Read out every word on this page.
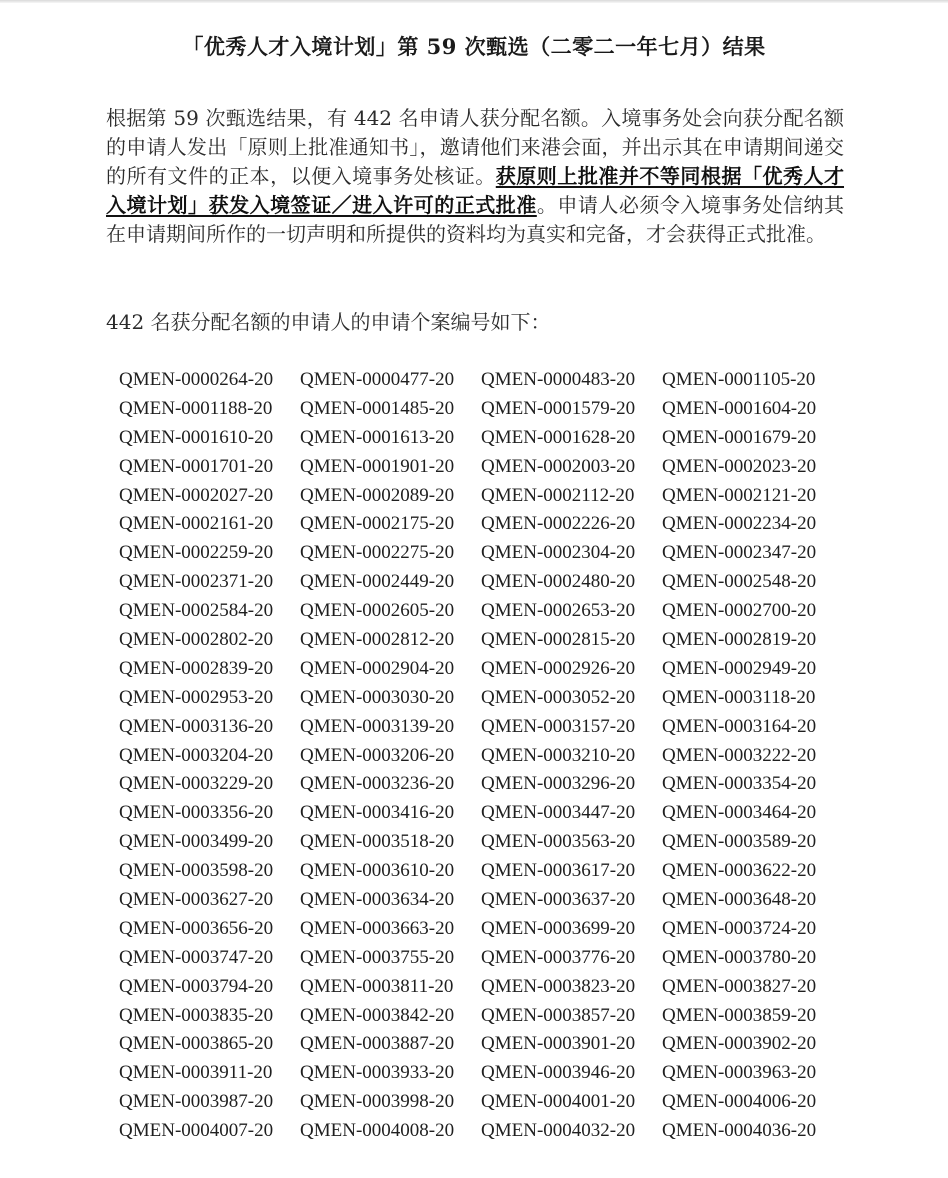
「优秀人才入境计划」第 59 次甄选（二零二一年七月）结果
根据第 59 次甄选结果，有 442 名申请人获分配名额。入境事务处会向获分配名额的申请人发出「原则上批准通知书」，邀请他们来港会面，并出示其在申请期间递交的所有文件的正本，以便入境事务处核证。获原则上批准并不等同根据「优秀人才入境计划」获发入境签证／进入许可的正式批准。申请人必须令入境事务处信纳其在申请期间所作的一切声明和所提供的资料均为真实和完备，才会获得正式批准。
442 名获分配名额的申请人的申请个案编号如下：
QMEN-0000264-20	QMEN-0000477-20	QMEN-0000483-20	QMEN-0001105-20
QMEN-0001188-20	QMEN-0001485-20	QMEN-0001579-20	QMEN-0001604-20
QMEN-0001610-20	QMEN-0001613-20	QMEN-0001628-20	QMEN-0001679-20
QMEN-0001701-20	QMEN-0001901-20	QMEN-0002003-20	QMEN-0002023-20
QMEN-0002027-20	QMEN-0002089-20	QMEN-0002112-20	QMEN-0002121-20
QMEN-0002161-20	QMEN-0002175-20	QMEN-0002226-20	QMEN-0002234-20
QMEN-0002259-20	QMEN-0002275-20	QMEN-0002304-20	QMEN-0002347-20
QMEN-0002371-20	QMEN-0002449-20	QMEN-0002480-20	QMEN-0002548-20
QMEN-0002584-20	QMEN-0002605-20	QMEN-0002653-20	QMEN-0002700-20
QMEN-0002802-20	QMEN-0002812-20	QMEN-0002815-20	QMEN-0002819-20
QMEN-0002839-20	QMEN-0002904-20	QMEN-0002926-20	QMEN-0002949-20
QMEN-0002953-20	QMEN-0003030-20	QMEN-0003052-20	QMEN-0003118-20
QMEN-0003136-20	QMEN-0003139-20	QMEN-0003157-20	QMEN-0003164-20
QMEN-0003204-20	QMEN-0003206-20	QMEN-0003210-20	QMEN-0003222-20
QMEN-0003229-20	QMEN-0003236-20	QMEN-0003296-20	QMEN-0003354-20
QMEN-0003356-20	QMEN-0003416-20	QMEN-0003447-20	QMEN-0003464-20
QMEN-0003499-20	QMEN-0003518-20	QMEN-0003563-20	QMEN-0003589-20
QMEN-0003598-20	QMEN-0003610-20	QMEN-0003617-20	QMEN-0003622-20
QMEN-0003627-20	QMEN-0003634-20	QMEN-0003637-20	QMEN-0003648-20
QMEN-0003656-20	QMEN-0003663-20	QMEN-0003699-20	QMEN-0003724-20
QMEN-0003747-20	QMEN-0003755-20	QMEN-0003776-20	QMEN-0003780-20
QMEN-0003794-20	QMEN-0003811-20	QMEN-0003823-20	QMEN-0003827-20
QMEN-0003835-20	QMEN-0003842-20	QMEN-0003857-20	QMEN-0003859-20
QMEN-0003865-20	QMEN-0003887-20	QMEN-0003901-20	QMEN-0003902-20
QMEN-0003911-20	QMEN-0003933-20	QMEN-0003946-20	QMEN-0003963-20
QMEN-0003987-20	QMEN-0003998-20	QMEN-0004001-20	QMEN-0004006-20
QMEN-0004007-20	QMEN-0004008-20	QMEN-0004032-20	QMEN-0004036-20
